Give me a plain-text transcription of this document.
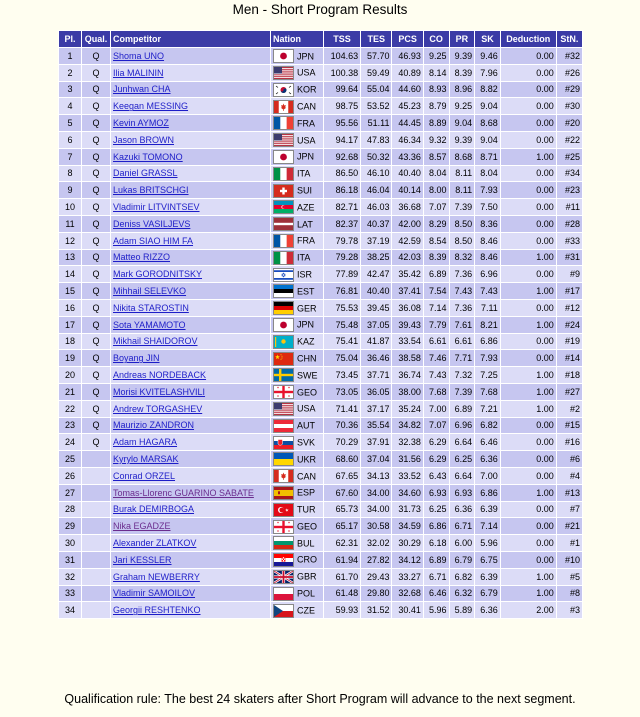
Men - Short Program Results
Pl.	Qual.	Competitor	Nation	TSS	TES	PCS	CO	PR	SK	Deduction	StN.
1	Q	Shoma UNO	JPN	104.63	57.70	46.93	9.25	9.39	9.46	0.00	#32
2	Q	Ilia MALININ	USA	100.38	59.49	40.89	8.14	8.39	7.96	0.00	#26
3	Q	Junhwan CHA	KOR	99.64	55.04	44.60	8.93	8.96	8.82	0.00	#29
4	Q	Keegan MESSING	CAN	98.75	53.52	45.23	8.79	9.25	9.04	0.00	#30
5	Q	Kevin AYMOZ	FRA	95.56	51.11	44.45	8.89	9.04	8.68	0.00	#20
6	Q	Jason BROWN	USA	94.17	47.83	46.34	9.32	9.39	9.04	0.00	#22
7	Q	Kazuki TOMONO	JPN	92.68	50.32	43.36	8.57	8.68	8.71	1.00	#25
8	Q	Daniel GRASSL	ITA	86.50	46.10	40.40	8.04	8.11	8.04	0.00	#34
9	Q	Lukas BRITSCHGI	SUI	86.18	46.04	40.14	8.00	8.11	7.93	0.00	#23
10	Q	Vladimir LITVINTSEV	AZE	82.71	46.03	36.68	7.07	7.39	7.50	0.00	#11
11	Q	Deniss VASILJEVS	LAT	82.37	40.37	42.00	8.29	8.50	8.36	0.00	#28
12	Q	Adam SIAO HIM FA	FRA	79.78	37.19	42.59	8.54	8.50	8.46	0.00	#33
13	Q	Matteo RIZZO	ITA	79.28	38.25	42.03	8.39	8.32	8.46	1.00	#31
14	Q	Mark GORODNITSKY	ISR	77.89	42.47	35.42	6.89	7.36	6.96	0.00	#9
15	Q	Mihhail SELEVKO	EST	76.81	40.40	37.41	7.54	7.43	7.43	1.00	#17
16	Q	Nikita STAROSTIN	GER	75.53	39.45	36.08	7.14	7.36	7.11	0.00	#12
17	Q	Sota YAMAMOTO	JPN	75.48	37.05	39.43	7.79	7.61	8.21	1.00	#24
18	Q	Mikhail SHAIDOROV	KAZ	75.41	41.87	33.54	6.61	6.61	6.86	0.00	#19
19	Q	Boyang JIN	CHN	75.04	36.46	38.58	7.46	7.71	7.93	0.00	#14
20	Q	Andreas NORDEBACK	SWE	73.45	37.71	36.74	7.43	7.32	7.25	1.00	#18
21	Q	Morisi KVITELASHVILI	GEO	73.05	36.05	38.00	7.68	7.39	7.68	1.00	#27
22	Q	Andrew TORGASHEV	USA	71.41	37.17	35.24	7.00	6.89	7.21	1.00	#2
23	Q	Maurizio ZANDRON	AUT	70.36	35.54	34.82	7.07	6.96	6.82	0.00	#15
24	Q	Adam HAGARA	SVK	70.29	37.91	32.38	6.29	6.64	6.46	0.00	#16
25		Kyrylo MARSAK	UKR	68.60	37.04	31.56	6.29	6.25	6.36	0.00	#6
26		Conrad ORZEL	CAN	67.65	34.13	33.52	6.43	6.64	7.00	0.00	#4
27		Tomas-Llorenc GUARINO SABATE	ESP	67.60	34.00	34.60	6.93	6.93	6.86	1.00	#13
28		Burak DEMIRBOGA	TUR	65.73	34.00	31.73	6.25	6.36	6.39	0.00	#7
29		Nika EGADZE	GEO	65.17	30.58	34.59	6.86	6.71	7.14	0.00	#21
30		Alexander ZLATKOV	BUL	62.31	32.02	30.29	6.18	6.00	5.96	0.00	#1
31		Jari KESSLER	CRO	61.94	27.82	34.12	6.89	6.79	6.75	0.00	#10
32		Graham NEWBERRY	GBR	61.70	29.43	33.27	6.71	6.82	6.39	1.00	#5
33		Vladimir SAMOILOV	POL	61.48	29.80	32.68	6.46	6.32	6.79	1.00	#8
34		Georgii RESHTENKO	CZE	59.93	31.52	30.41	5.96	5.89	6.36	2.00	#3
Qualification rule: The best 24 skaters after Short Program will advance to the next segment.
